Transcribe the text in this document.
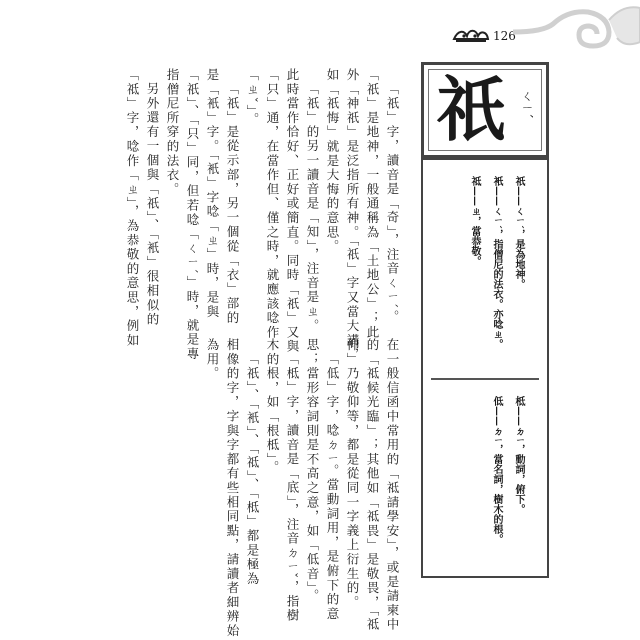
126
祇 ㄑㄧˊ
祇——ㄑㄧˊ，是為地神。
衹——ㄑㄧˊ，指僧尼的法衣。亦唸ㄓ。
祗——ㄓ，當恭敬。
柢——ㄉㄧ，動詞，俯下。
低——ㄉㄧ，當名詞，樹木的根。
「祇」字，讀音是「奇」，注音ㄑㄧˊ。
「祇」是地神，一般通稱為「土地公」；此
外「神祇」是泛指所有神。「祇」字又當大講，
如「祇悔」就是大悔的意思。
「祇」的另一讀音是「知」，注音是ㄓ。
此時當作恰好、正好或簡直。同時「祇」又與
「只」通，在當作但、僅之時，就應該唸作
「ㄓˇ」。
「祇」是從示部，另一個從「衣」部的
是「衹」字。「衹」字唸「ㄓ」時，是與
「祇」、「只」同，但若唸「ㄑㄧˊ」時，就是專
指僧尼所穿的法衣。
另外還有一個與「祇」、「衹」很相似的
「祗」字，唸作「ㄓ」，為恭敬的意思，例如
在一般信函中常用的「祗請學安」，或是請柬中
的「祗候光臨」；其他如「祗畏」是敬畏，「祗
仰」乃敬仰等，都是從同一字義上衍生的。
「低」字，唸ㄉㄧ。當動詞用，是俯下的意
思；當形容詞則是不高之意，如「低音」。
「柢」字，讀音是「底」，注音ㄉㄧˇ，指樹
木的根，如「根柢」。
「祇」、「衹」、「祗」、「柢」都是極為
相像的字，字與字都有些相同點，請讀者細辨始
為用。
